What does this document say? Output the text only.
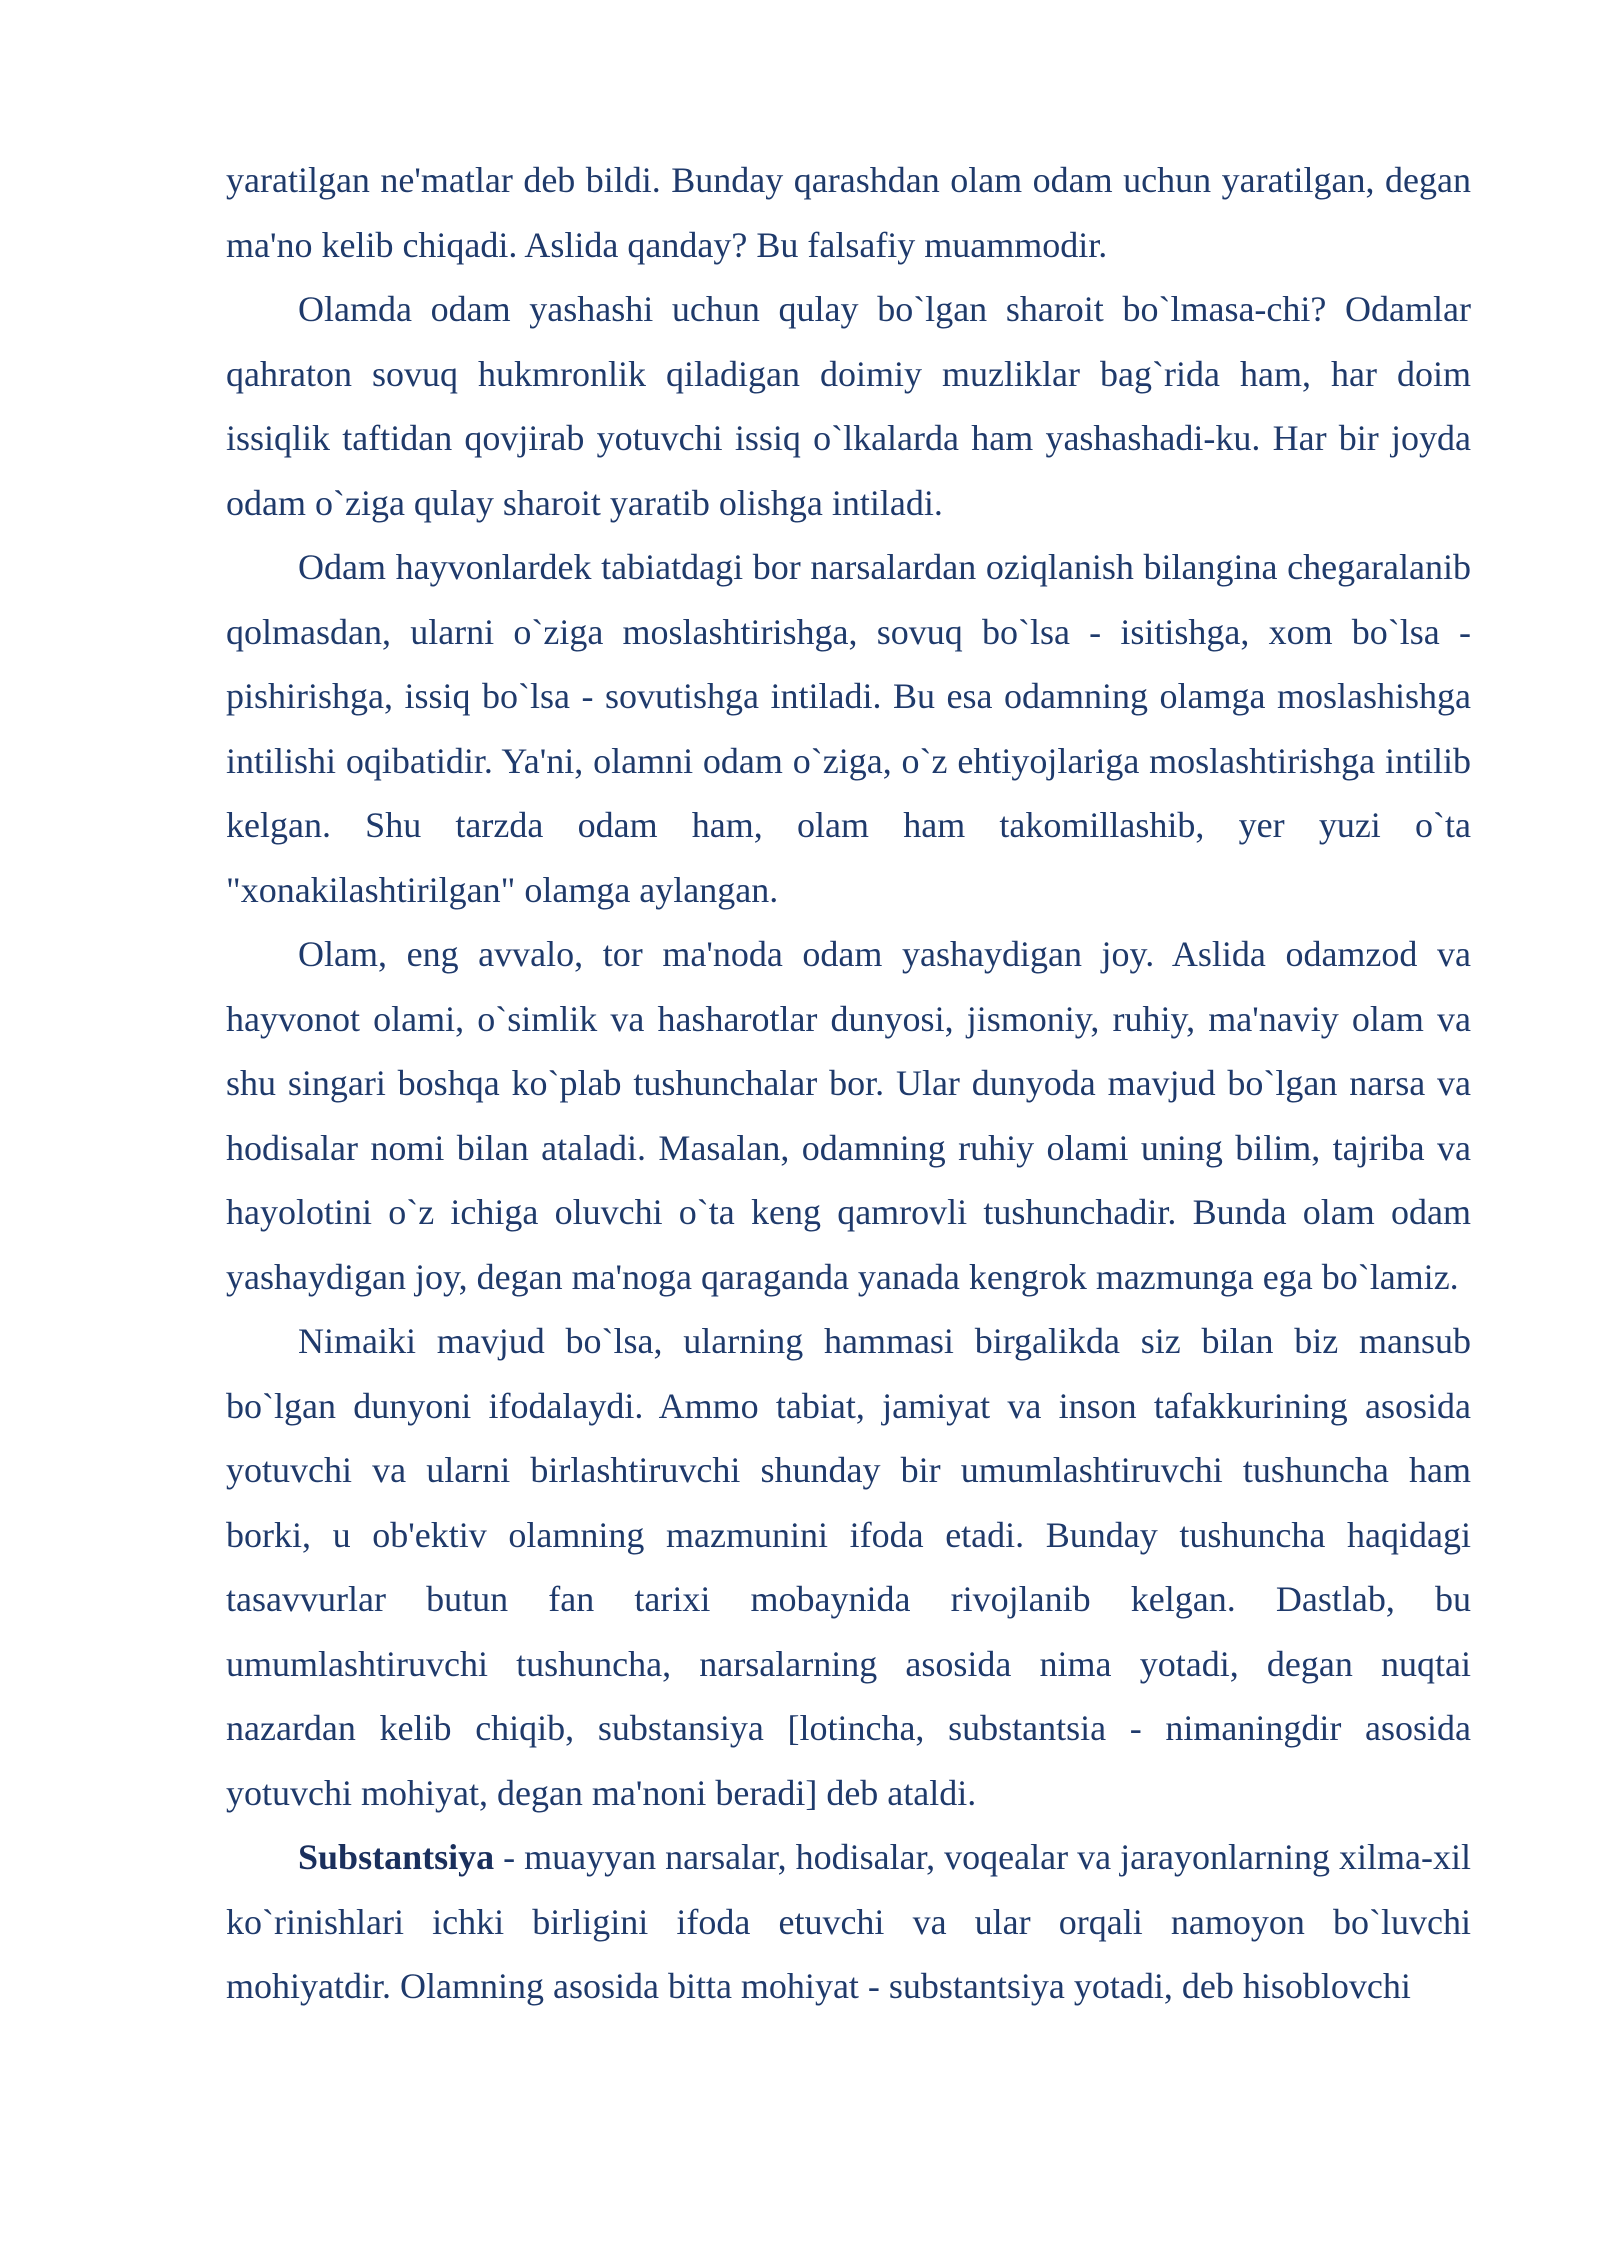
yaratilgan ne'matlar deb bildi. Bunday qarashdan olam odam uchun yaratilgan, degan ma'no kelib chiqadi. Aslida qanday? Bu falsafiy muammodir.

Olamda odam yashashi uchun qulay bo`lgan sharoit bo`lmasa-chi? Odamlar qahraton sovuq hukmronlik qiladigan doimiy muzliklar bag`rida ham, har doim issiqlik taftidan qovjirab yotuvchi issiq o`lkalarda ham yashashadi-ku. Har bir joyda odam o`ziga qulay sharoit yaratib olishga intiladi.

Odam hayvonlardek tabiatdagi bor narsalardan oziqlanish bilangina chegaralanib qolmasdan, ularni o`ziga moslashtirishga, sovuq bo`lsa - isitishga, xom bo`lsa - pishirishga, issiq bo`lsa - sovutishga intiladi. Bu esa odamning olamga moslashishga intilishi oqibatidir. Ya'ni, olamni odam o`ziga, o`z ehtiyojlariga moslashtirishga intilib kelgan. Shu tarzda odam ham, olam ham takomillashib, yer yuzi o`ta "xonakilashtirilgan" olamga aylangan.

Olam, eng avvalo, tor ma'noda odam yashaydigan joy. Aslida odamzod va hayvonot olami, o`simlik va hasharotlar dunyosi, jismoniy, ruhiy, ma'naviy olam va shu singari boshqa ko`plab tushunchalar bor. Ular dunyoda mavjud bo`lgan narsa va hodisalar nomi bilan ataladi. Masalan, odamning ruhiy olami uning bilim, tajriba va hayolotini o`z ichiga oluvchi o`ta keng qamrovli tushunchadir. Bunda olam odam yashaydigan joy, degan ma'noga qaraganda yanada kengrok mazmunga ega bo`lamiz.

Nimaiki mavjud bo`lsa, ularning hammasi birgalikda siz bilan biz mansub bo`lgan dunyoni ifodalaydi. Ammo tabiat, jamiyat va inson tafakkurining asosida yotuvchi va ularni birlashtiruvchi shunday bir umumlashtiruvchi tushuncha ham borki, u ob'ektiv olamning mazmunini ifoda etadi. Bunday tushuncha haqidagi tasavvurlar butun fan tarixi mobaynida rivojlanib kelgan. Dastlab, bu umumlashtiruvchi tushuncha, narsalarning asosida nima yotadi, degan nuqtai nazardan kelib chiqib, substansiya [lotincha, substantsia - nimaningdir asosida yotuvchi mohiyat, degan ma'noni beradi] deb ataldi.

Substantsiya - muayyan narsalar, hodisalar, voqealar va jarayonlarning xilma-xil ko`rinishlari ichki birligini ifoda etuvchi va ular orqali namoyon bo`luvchi mohiyatdir. Olamning asosida bitta mohiyat - substantsiya yotadi, deb hisoblovchi
